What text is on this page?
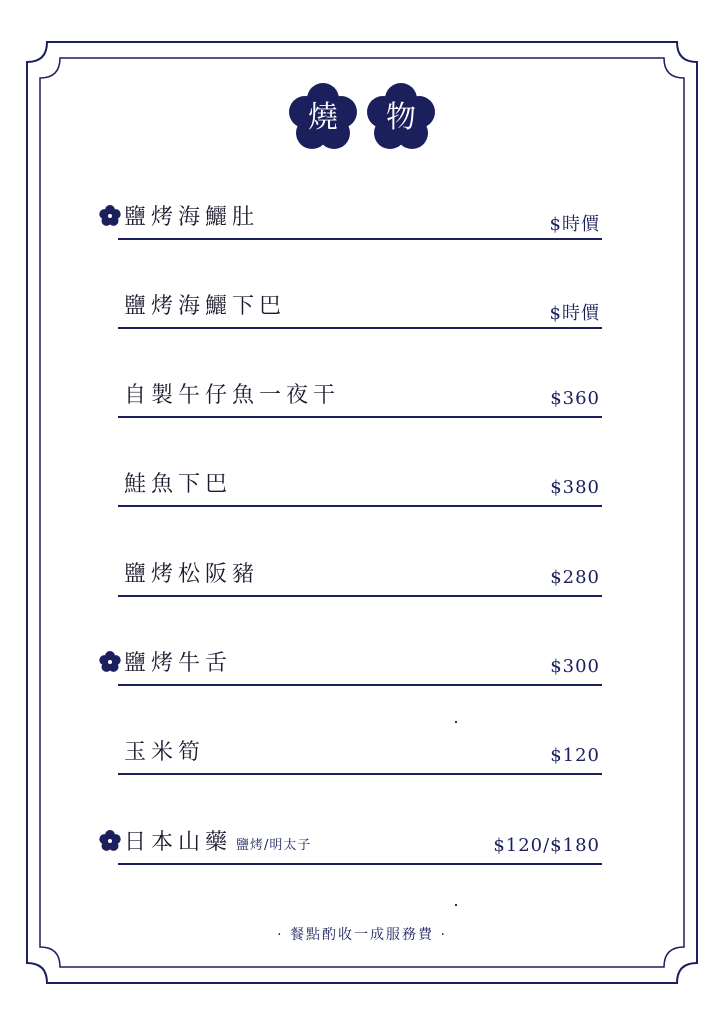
燒	物
鹽烤海鱺肚	$時價
鹽烤海鱺下巴	$時價
自製午仔魚一夜干	$360
鮭魚下巴	$380
鹽烤松阪豬	$280
鹽烤牛舌	$300
玉米筍	$120
日本山藥 鹽烤/明太子	$120/$180
· 餐點酌收一成服務費 ·
